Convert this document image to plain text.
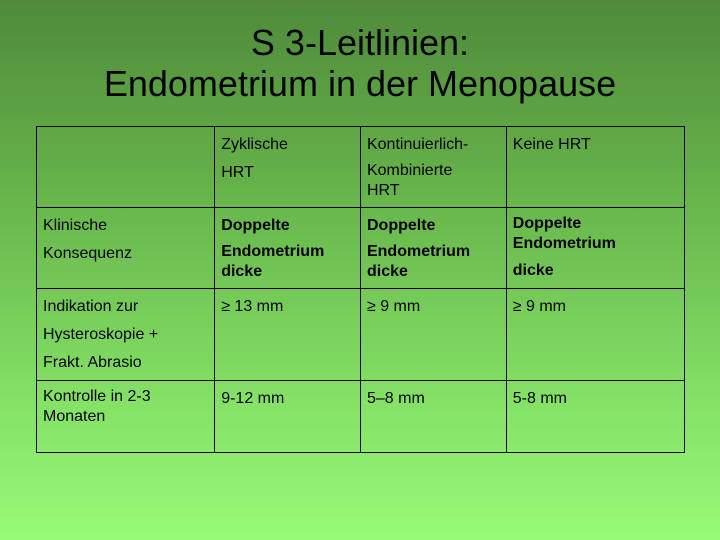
S 3-Leitlinien:
Endometrium in der Menopause

	Zyklische
HRT	Kontinuierlich-
Kombinierte
HRT	Keine HRT

Klinische
Konsequenz	Doppelte
Endometrium
dicke	Doppelte
Endometrium
dicke	Doppelte
Endometrium
dicke

Indikation zur
Hysteroskopie +
Frakt. Abrasio	≥ 13 mm	≥ 9 mm	≥ 9 mm

Kontrolle in 2-3
Monaten	9-12 mm	5–8 mm	5-8 mm
